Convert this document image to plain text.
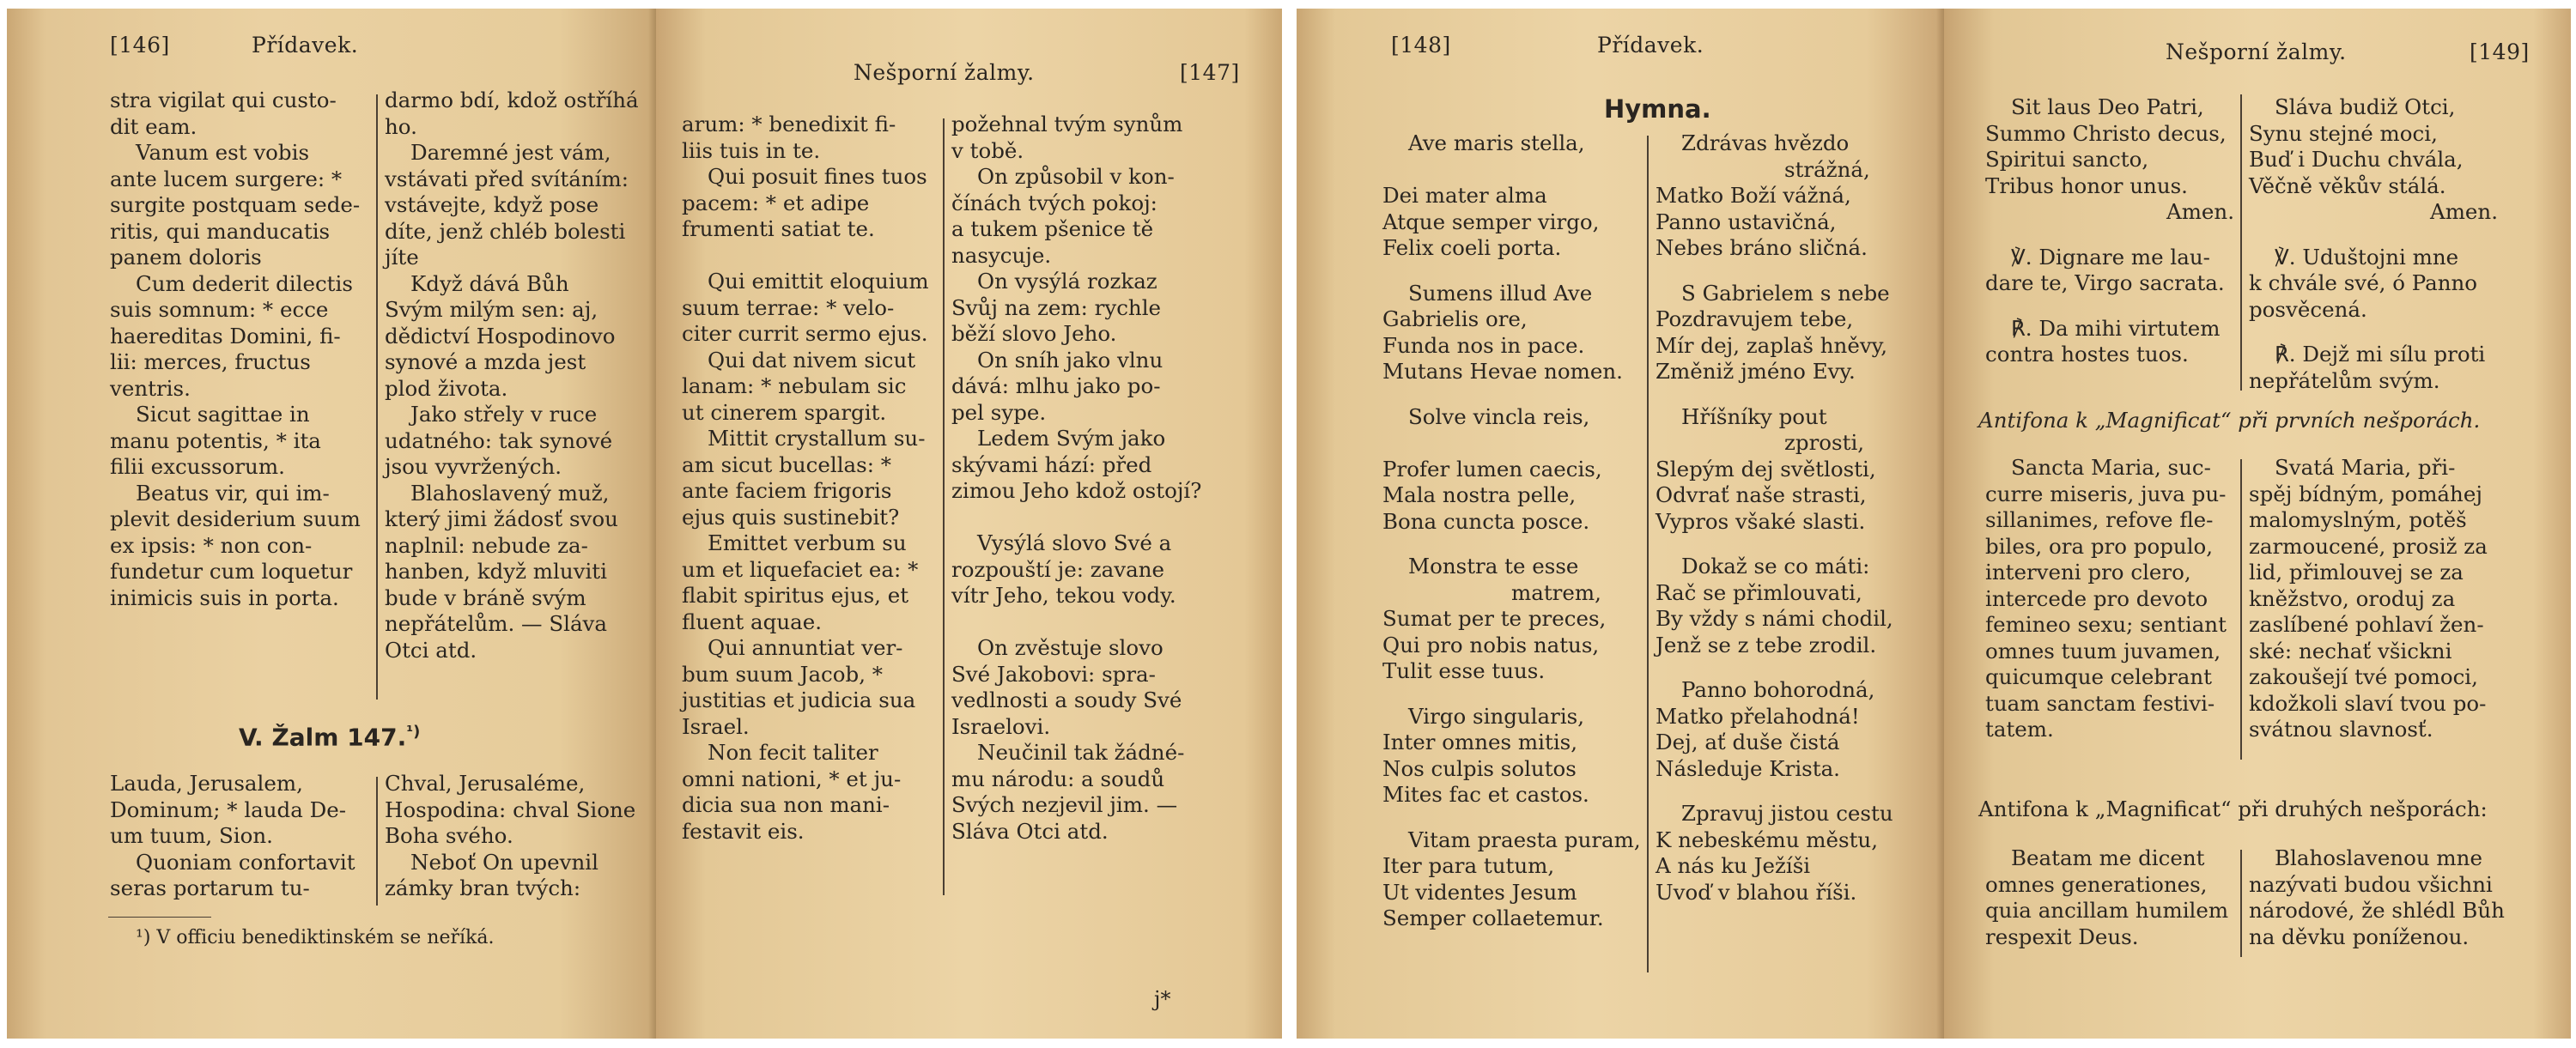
[146]	Přídavek.
stra vigilat qui custo-
dit eam.
Vanum est vobis
ante lucem surgere: *
surgite postquam sede-
ritis, qui manducatis
panem doloris
Cum dederit dilectis
suis somnum: * ecce
haereditas Domini, fi-
lii: merces, fructus
ventris.
Sicut sagittae in
manu potentis, * ita
filii excussorum.
Beatus vir, qui im-
plevit desiderium suum
ex ipsis: * non con-
fundetur cum loquetur
inimicis suis in porta.
darmo bdí, kdož ostříhá
ho.
Daremné jest vám,
vstávati před svítáním:
vstávejte, když pose
díte, jenž chléb bolesti
jíte
Když dává Bůh
Svým milým sen: aj,
dědictví Hospodinovo
synové a mzda jest
plod života.
Jako střely v ruce
udatného: tak synové
jsou vyvržených.
Blahoslavený muž,
který jimi žádosť svou
naplnil: nebude za-
hanben, když mluviti
bude v bráně svým
nepřátelům. — Sláva
Otci atd.
V. Žalm 147.$^{^1)}$
Lauda, Jerusalem,
Dominum; * lauda De-
um tuum, Sion.
Quoniam confortavit
seras portarum tu-
Chval, Jerusaléme,
Hospodina: chval Sione
Boha svého.
Neboť On upevnil
zámky bran tvých:
¹) V officiu benediktinském se neříká.
Nešporní žalmy.	[147]
arum: * benedixit fi-
liis tuis in te.
Qui posuit fines tuos
pacem: * et adipe
frumenti satiat te.

Qui emittit eloquium
suum terrae: * velo-
citer currit sermo ejus.
Qui dat nivem sicut
lanam: * nebulam sic
ut cinerem spargit.
Mittit crystallum su-
am sicut bucellas: *
ante faciem frigoris
ejus quis sustinebit?
Emittet verbum su
um et liquefaciet ea: *
flabit spiritus ejus, et
fluent aquae.
Qui annuntiat ver-
bum suum Jacob, *
justitias et judicia sua
Israel.
Non fecit taliter
omni nationi, * et ju-
dicia sua non mani-
festavit eis.
požehnal tvým synům
v tobě.
On způsobil v kon-
čínách tvých pokoj:
a tukem pšenice tě
nasycuje.
On vysýlá rozkaz
Svůj na zem: rychle
běží slovo Jeho.
On sníh jako vlnu
dává: mlhu jako po-
pel sype.
Ledem Svým jako
skývami hází: před
zimou Jeho kdož ostojí?

Vysýlá slovo Své a
rozpouští je: zavane
vítr Jeho, tekou vody.

On zvěstuje slovo
Své Jakobovi: spra-
vedlnosti a soudy Své
Israelovi.
Neučinil tak žádné-
mu národu: a soudů
Svých nezjevil jim. —
Sláva Otci atd.
j*
[148]	Přídavek.
Hymna.
Ave maris stella,

Dei mater alma
Atque semper virgo,
Felix coeli porta.
Sumens illud Ave
Gabrielis ore,
Funda nos in pace.
Mutans Hevae nomen.
Solve vincla reis,

Profer lumen caecis,
Mala nostra pelle,
Bona cuncta posce.
Monstra te esse
matrem,
Sumat per te preces,
Qui pro nobis natus,
Tulit esse tuus.
Virgo singularis,
Inter omnes mitis,
Nos culpis solutos
Mites fac et castos.
Vitam praesta puram,
Iter para tutum,
Ut videntes Jesum
Semper collaetemur.
Zdrávas hvězdo
strážná,
Matko Boží vážná,
Panno ustavičná,
Nebes bráno sličná.
S Gabrielem s nebe
Pozdravujem tebe,
Mír dej, zaplaš hněvy,
Změniž jméno Evy.
Hříšníky pout
zprosti,
Slepým dej světlosti,
Odvrať naše strasti,
Vypros všaké slasti.
Dokaž se co máti:
Rač se přimlouvati,
By vždy s námi chodil,
Jenž se z tebe zrodil.
Panno bohorodná,
Matko přelahodná!
Dej, ať duše čistá
Následuje Krista.
Zpravuj jistou cestu
K nebeskému městu,
A nás ku Ježíši
Uvoď v blahou říši.
Nešporní žalmy.	[149]
Sit laus Deo Patri,
Summo Christo decus,
Spiritui sancto,
Tribus honor unus.
Amen.
℣. Dignare me lau-
dare te, Virgo sacrata.
℟. Da mihi virtutem
contra hostes tuos.
Sláva budiž Otci,
Synu stejné moci,
Buď i Duchu chvála,
Věčně věkův stálá.
Amen.
℣. Uduštojni mne
k chvále své, ó Panno
posvěcená.
℟. Dejž mi sílu proti
nepřátelům svým.
Antifona k „Magnificat“ při prvních nešporách.
Sancta Maria, suc-
curre miseris, juva pu-
sillanimes, refove fle-
biles, ora pro populo,
interveni pro clero,
intercede pro devoto
femineo sexu; sentiant
omnes tuum juvamen,
quicumque celebrant
tuam sanctam festivi-
tatem.
Svatá Maria, při-
spěj bídným, pomáhej
malomyslným, potěš
zarmoucené, prosiž za
lid, přimlouvej se za
kněžstvo, oroduj za
zaslíbené pohlaví žen-
ské: nechať všickni
zakoušejí tvé pomoci,
kdožkoli slaví tvou po-
svátnou slavnosť.
Antifona k „Magnificat“ při druhých nešporách:
Beatam me dicent
omnes generationes,
quia ancillam humilem
respexit Deus.
Blahoslavenou mne
nazývati budou všichni
národové, že shlédl Bůh
na děvku poníženou.
